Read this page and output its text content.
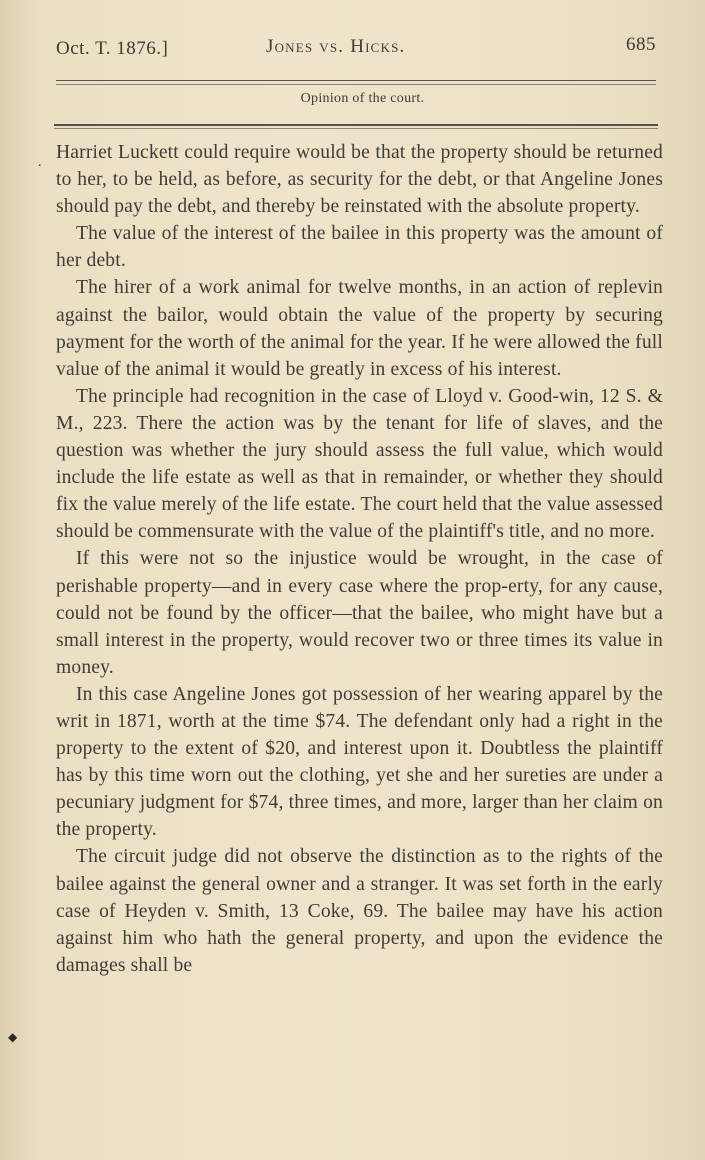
Oct. T. 1876.]	Jones vs. Hicks.	685
Opinion of the court.
.
◆

Harriet Luckett could require would be that the property should be returned to her, to be held, as before, as security for the debt, or that Angeline Jones should pay the debt, and thereby be reinstated with the absolute property.

The value of the interest of the bailee in this property was the amount of her debt.

The hirer of a work animal for twelve months, in an action of replevin against the bailor, would obtain the value of the property by securing payment for the worth of the animal for the year. If he were allowed the full value of the animal it would be greatly in excess of his interest.

The principle had recognition in the case of Lloyd v. Good-win, 12 S. & M., 223. There the action was by the tenant for life of slaves, and the question was whether the jury should assess the full value, which would include the life estate as well as that in remainder, or whether they should fix the value merely of the life estate. The court held that the value assessed should be commensurate with the value of the plaintiff's title, and no more.

If this were not so the injustice would be wrought, in the case of perishable property—and in every case where the prop-erty, for any cause, could not be found by the officer—that the bailee, who might have but a small interest in the property, would recover two or three times its value in money.

In this case Angeline Jones got possession of her wearing apparel by the writ in 1871, worth at the time $74. The defendant only had a right in the property to the extent of $20, and interest upon it. Doubtless the plaintiff has by this time worn out the clothing, yet she and her sureties are under a pecuniary judgment for $74, three times, and more, larger than her claim on the property.

The circuit judge did not observe the distinction as to the rights of the bailee against the general owner and a stranger. It was set forth in the early case of Heyden v. Smith, 13 Coke, 69. The bailee may have his action against him who hath the general property, and upon the evidence the damages shall be
